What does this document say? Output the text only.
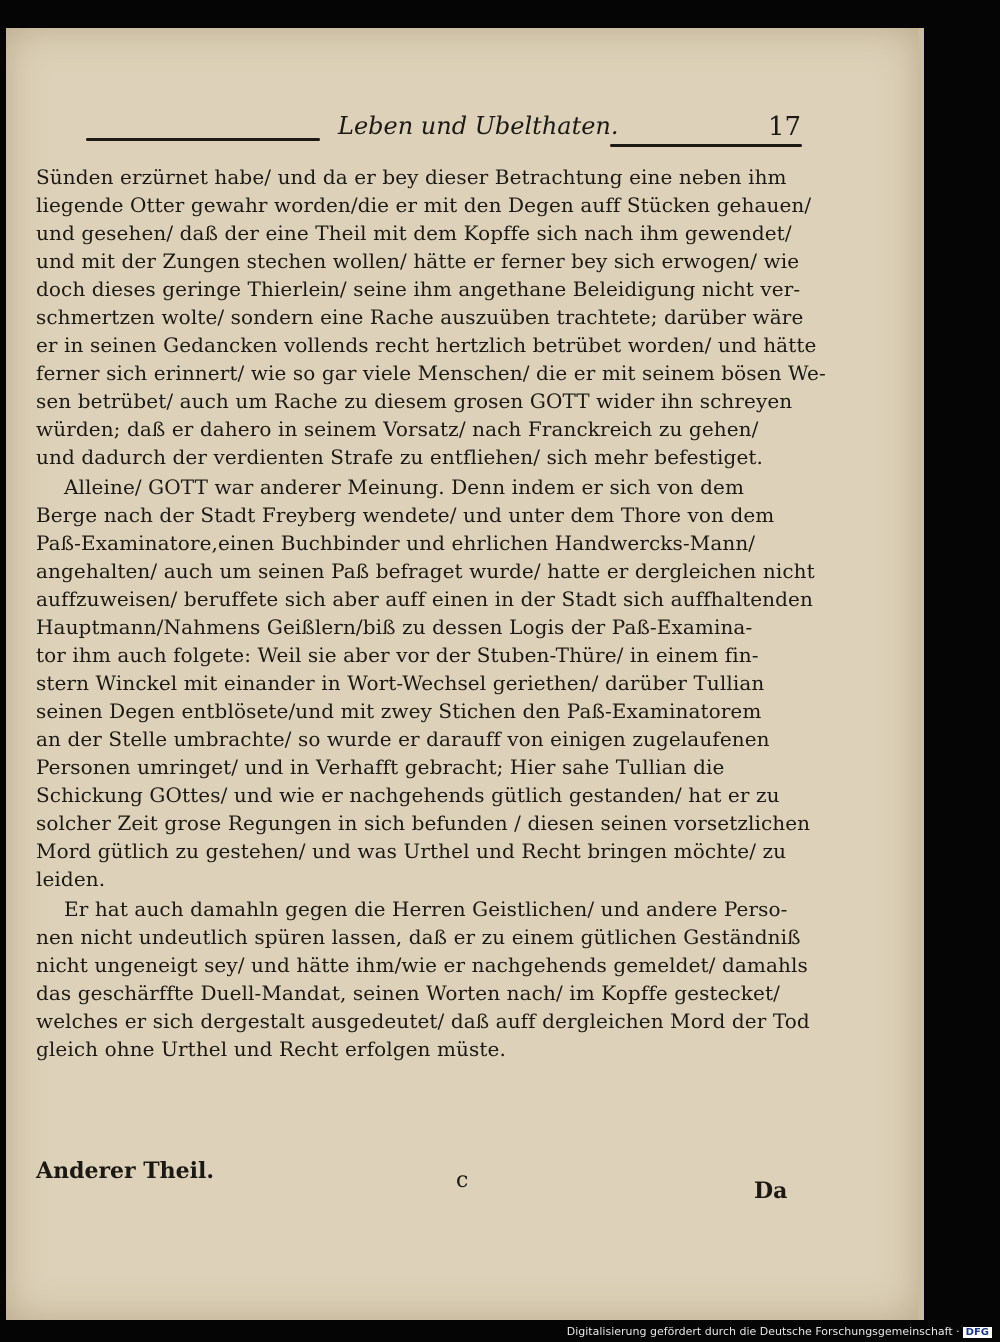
Leben und Ubelthaten.	17
Sünden erzürnet habe/ und da er bey dieser Betrachtung eine neben ihm
liegende Otter gewahr worden/die er mit den Degen auff Stücken gehauen/
und gesehen/ daß der eine Theil mit dem Kopffe sich nach ihm gewendet/
und mit der Zungen stechen wollen/ hätte er ferner bey sich erwogen/ wie
doch dieses geringe Thierlein/ seine ihm angethane Beleidigung nicht ver-
schmertzen wolte/ sondern eine Rache auszuüben trachtete; darüber wäre
er in seinen Gedancken vollends recht hertzlich betrübet worden/ und hätte
ferner sich erinnert/ wie so gar viele Menschen/ die er mit seinem bösen We-
sen betrübet/ auch um Rache zu diesem grosen GOTT wider ihn schreyen
würden; daß er dahero in seinem Vorsatz/ nach Franckreich zu gehen/
und dadurch der verdienten Strafe zu entfliehen/ sich mehr befestiget.
Alleine/ GOTT war anderer Meinung. Denn indem er sich von dem
Berge nach der Stadt Freyberg wendete/ und unter dem Thore von dem
Paß-Examinatore,einen Buchbinder und ehrlichen Handwercks-Mann/
angehalten/ auch um seinen Paß befraget wurde/ hatte er dergleichen nicht
auffzuweisen/ beruffete sich aber auff einen in der Stadt sich auffhaltenden
Hauptmann/Nahmens Geißlern/biß zu dessen Logis der Paß-Examina-
tor ihm auch folgete: Weil sie aber vor der Stuben-Thüre/ in einem fin-
stern Winckel mit einander in Wort-Wechsel geriethen/ darüber Tullian
seinen Degen entblösete/und mit zwey Stichen den Paß-Examinatorem
an der Stelle umbrachte/ so wurde er darauff von einigen zugelaufenen
Personen umringet/ und in Verhafft gebracht; Hier sahe Tullian die
Schickung GOttes/ und wie er nachgehends gütlich gestanden/ hat er zu
solcher Zeit grose Regungen in sich befunden / diesen seinen vorsetzlichen
Mord gütlich zu gestehen/ und was Urthel und Recht bringen möchte/ zu
leiden.
Er hat auch damahln gegen die Herren Geistlichen/ und andere Perso-
nen nicht undeutlich spüren lassen, daß er zu einem gütlichen Geständniß
nicht ungeneigt sey/ und hätte ihm/wie er nachgehends gemeldet/ damahls
das geschärffte Duell-Mandat, seinen Worten nach/ im Kopffe gestecket/
welches er sich dergestalt ausgedeutet/ daß auff dergleichen Mord der Tod
gleich ohne Urthel und Recht erfolgen müste.
Anderer Theil.	c	Da
Digitalisierung gefördert durch die Deutsche Forschungsgemeinschaft · DFG
